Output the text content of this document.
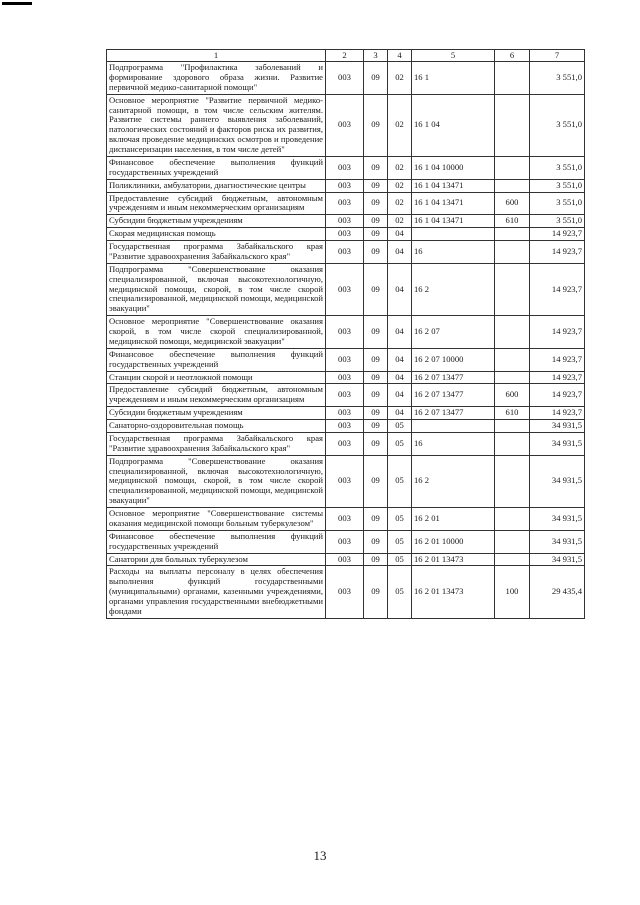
1	2	3	4	5	6	7
Подпрограмма "Профилактика заболеваний и формирование здорового образа жизни. Развитие первичной медико-санитарной помощи"	003	09	02	16 1		3 551,0
Основное мероприятие "Развитие первичной медико-санитарной помощи, в том числе сельским жителям. Развитие системы раннего выявления заболеваний, патологических состояний и факторов риска их развития, включая проведение медицинских осмотров и проведение диспансеризации населения, в том числе детей"	003	09	02	16 1 04		3 551,0
Финансовое обеспечение выполнения функций государственных учреждений	003	09	02	16 1 04 10000		3 551,0
Поликлиники, амбулатории, диагностические центры	003	09	02	16 1 04 13471		3 551,0
Предоставление субсидий бюджетным, автономным учреждениям и иным некоммерческим организациям	003	09	02	16 1 04 13471	600	3 551,0
Субсидии бюджетным учреждениям	003	09	02	16 1 04 13471	610	3 551,0
Скорая медицинская помощь	003	09	04			14 923,7
Государственная программа Забайкальского края "Развитие здравоохранения Забайкальского края"	003	09	04	16		14 923,7
Подпрограмма "Совершенствование оказания специализированной, включая высокотехнологичную, медицинской помощи, скорой, в том числе скорой специализированной, медицинской помощи, медицинской эвакуации"	003	09	04	16 2		14 923,7
Основное мероприятие "Совершенствование оказания скорой, в том числе скорой специализированной, медицинской помощи, медицинской эвакуации"	003	09	04	16 2 07		14 923,7
Финансовое обеспечение выполнения функций государственных учреждений	003	09	04	16 2 07 10000		14 923,7
Станции скорой и неотложной помощи	003	09	04	16 2 07 13477		14 923,7
Предоставление субсидий бюджетным, автономным учреждениям и иным некоммерческим организациям	003	09	04	16 2 07 13477	600	14 923,7
Субсидии бюджетным учреждениям	003	09	04	16 2 07 13477	610	14 923,7
Санаторно-оздоровительная помощь	003	09	05			34 931,5
Государственная программа Забайкальского края "Развитие здравоохранения Забайкальского края"	003	09	05	16		34 931,5
Подпрограмма "Совершенствование оказания специализированной, включая высокотехнологичную, медицинской помощи, скорой, в том числе скорой специализированной, медицинской помощи, медицинской эвакуации"	003	09	05	16 2		34 931,5
Основное мероприятие "Совершенствование системы оказания медицинской помощи больным туберкулезом"	003	09	05	16 2 01		34 931,5
Финансовое обеспечение выполнения функций государственных учреждений	003	09	05	16 2 01 10000		34 931,5
Санатории для больных туберкулезом	003	09	05	16 2 01 13473		34 931,5
Расходы на выплаты персоналу в целях обеспечения выполнения функций государственными (муниципальными) органами, казенными учреждениями, органами управления государственными внебюджетными фондами	003	09	05	16 2 01 13473	100	29 435,4
13
